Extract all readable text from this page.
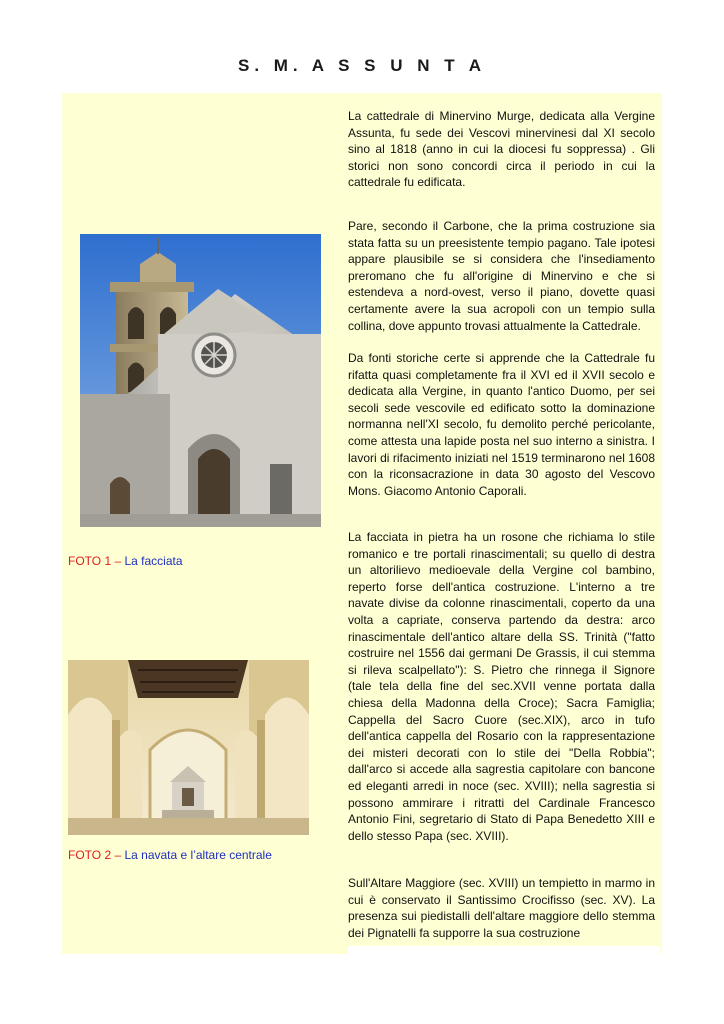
S. M. A S S U N T A
FOTO 1 – La facciata
FOTO 2 – La navata e l’altare centrale

La cattedrale di Minervino Murge, dedicata alla Vergine Assunta, fu sede dei Vescovi minervinesi dal XI secolo sino al 1818 (anno in cui la diocesi fu soppressa) . Gli storici non sono concordi circa il periodo in cui la cattedrale fu edificata.

Pare, secondo il Carbone, che la prima costruzione sia stata fatta su un preesistente tempio pagano. Tale ipotesi appare plausibile se si considera che l'insediamento preromano che fu all'origine di Minervino e che si estendeva a nord-ovest, verso il piano, dovette quasi certamente avere la sua acropoli con un tempio sulla collina, dove appunto trovasi attualmente la Cattedrale.

Da fonti storiche certe si apprende che la Cattedrale fu rifatta quasi completamente fra il XVI ed il XVII secolo e dedicata alla Vergine, in quanto l'antico Duomo, per sei secoli sede vescovile ed edificato sotto la dominazione normanna nell'XI secolo, fu demolito perché pericolante, come attesta una lapide posta nel suo interno a sinistra. I lavori di rifacimento iniziati nel 1519 terminarono nel 1608 con la riconsacrazione in data 30 agosto del Vescovo Mons. Giacomo Antonio Caporali.

La facciata in pietra ha un rosone che richiama lo stile romanico e tre portali rinascimentali; su quello di destra un altorilievo medioevale della Vergine col bambino, reperto forse dell'antica costruzione. L'interno a tre navate divise da colonne rinascimentali, coperto da una volta a capriate, conserva partendo da destra: arco rinascimentale dell'antico altare della SS. Trinità ("fatto costruire nel 1556 dai germani De Grassis, il cui stemma si rileva scalpellato"): S. Pietro che rinnega il Signore (tale tela della fine del sec.XVII venne portata dalla chiesa della Madonna della Croce); Sacra Famiglia; Cappella del Sacro Cuore (sec.XIX), arco in tufo dell'antica cappella del Rosario con la rappresentazione dei misteri decorati con lo stile dei "Della Robbia"; dall'arco si accede alla sagrestia capitolare con bancone ed eleganti arredi in noce (sec. XVIII); nella sagrestia si possono ammirare i ritratti del Cardinale Francesco Antonio Fini, segretario di Stato di Papa Benedetto XIII e dello stesso Papa (sec. XVIII).

Sull'Altare Maggiore (sec. XVIII) un tempietto in marmo in cui è conservato il Santissimo Crocifisso (sec. XV). La presenza sui piedistalli dell'altare maggiore dello stemma dei Pignatelli fa supporre la sua costruzione
